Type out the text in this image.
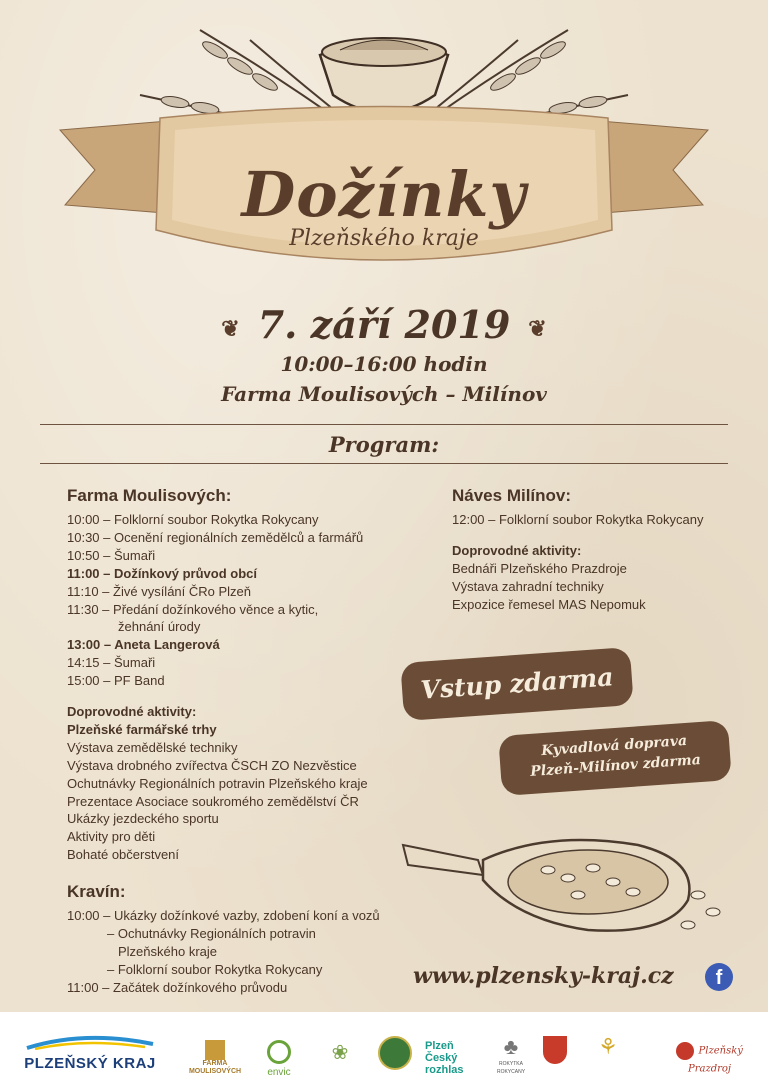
Dožínky
Plzeňského kraje
❦ 7. září 2019 ❦
10:00–16:00 hodin
Farma Moulisových – Milínov
Program:
Farma Moulisových:
10:00 – Folklorní soubor Rokytka Rokycany
10:30 – Ocenění regionálních zemědělců a farmářů
10:50 – Šumaři
11:00 – Dožínkový průvod obcí
11:10 – Živé vysílání ČRo Plzeň
11:30 – Předání dožínkového věnce a kytic,
žehnání úrody
13:00 – Aneta Langerová
14:15 – Šumaři
15:00 – PF Band
Doprovodné aktivity:
Plzeňské farmářské trhy
Výstava zemědělské techniky
Výstava drobného zvířectva ČSCH ZO Nezvěstice
Ochutnávky Regionálních potravin Plzeňského kraje
Prezentace Asociace soukromého zemědělství ČR
Ukázky jezdeckého sportu
Aktivity pro děti
Bohaté občerstvení
Náves Milínov:
12:00 – Folklorní soubor Rokytka Rokycany
Doprovodné aktivity:
Bednáři Plzeňského Prazdroje
Výstava zahradní techniky
Expozice řemesel MAS Nepomuk
Vstup zdarma
Kyvadlová doprava
Plzeň-Milínov zdarma
Kravín:
10:00 – Ukázky dožínkové vazby, zdobení koní a vozů
– Ochutnávky Regionálních potravin
Plzeňského kraje
– Folklorní soubor Rokytka Rokycany
11:00 – Začátek dožínkového průvodu	www.plzensky-kraj.cz	f
PLZEŇSKÝ KRAJ	FARMA MOULISOVÝCH	envic
❀	Plzeň Český rozhlas
♣
ROKYTKA ROKYCANY
⚘	Plzeňský Prazdroj
